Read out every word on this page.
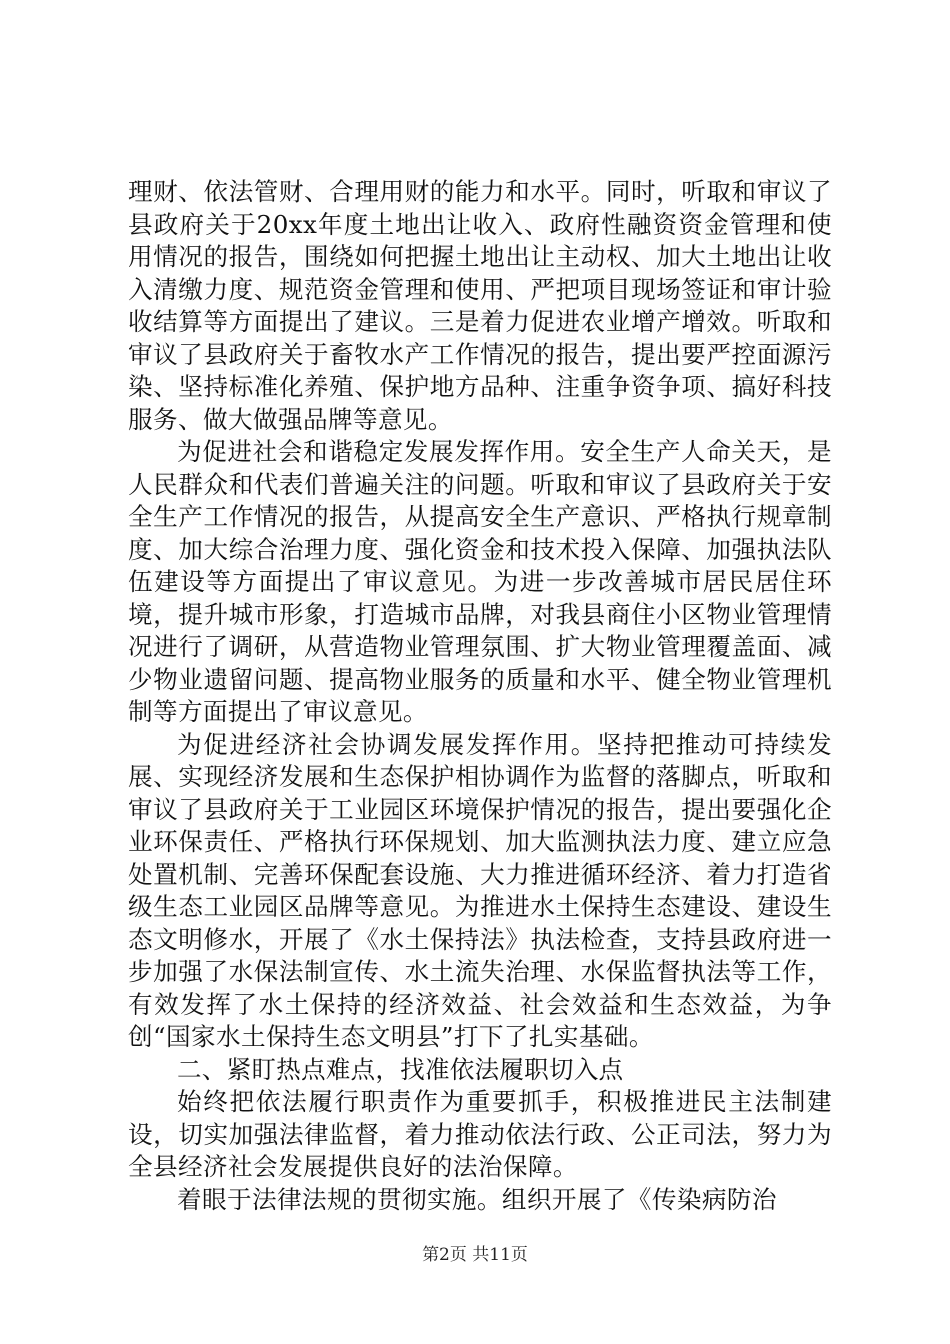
理财、依法管财、合理用财的能力和水平。同时，听取和审议了县政府关于20xx年度土地出让收入、政府性融资资金管理和使用情况的报告，围绕如何把握土地出让主动权、加大土地出让收入清缴力度、规范资金管理和使用、严把项目现场签证和审计验收结算等方面提出了建议。三是着力促进农业增产增效。听取和审议了县政府关于畜牧水产工作情况的报告，提出要严控面源污染、坚持标准化养殖、保护地方品种、注重争资争项、搞好科技服务、做大做强品牌等意见。

为促进社会和谐稳定发展发挥作用。安全生产人命关天，是人民群众和代表们普遍关注的问题。听取和审议了县政府关于安全生产工作情况的报告，从提高安全生产意识、严格执行规章制度、加大综合治理力度、强化资金和技术投入保障、加强执法队伍建设等方面提出了审议意见。为进一步改善城市居民居住环境，提升城市形象，打造城市品牌，对我县商住小区物业管理情况进行了调研，从营造物业管理氛围、扩大物业管理覆盖面、减少物业遗留问题、提高物业服务的质量和水平、健全物业管理机制等方面提出了审议意见。

为促进经济社会协调发展发挥作用。坚持把推动可持续发展、实现经济发展和生态保护相协调作为监督的落脚点，听取和审议了县政府关于工业园区环境保护情况的报告，提出要强化企业环保责任、严格执行环保规划、加大监测执法力度、建立应急处置机制、完善环保配套设施、大力推进循环经济、着力打造省级生态工业园区品牌等意见。为推进水土保持生态建设、建设生态文明修水，开展了《水土保持法》执法检查，支持县政府进一步加强了水保法制宣传、水土流失治理、水保监督执法等工作，有效发挥了水土保持的经济效益、社会效益和生态效益，为争创“国家水土保持生态文明县”打下了扎实基础。

二、紧盯热点难点，找准依法履职切入点

始终把依法履行职责作为重要抓手，积极推进民主法制建设，切实加强法律监督，着力推动依法行政、公正司法，努力为全县经济社会发展提供良好的法治保障。

着眼于法律法规的贯彻实施。组织开展了《传染病防治

第2页 共11页
